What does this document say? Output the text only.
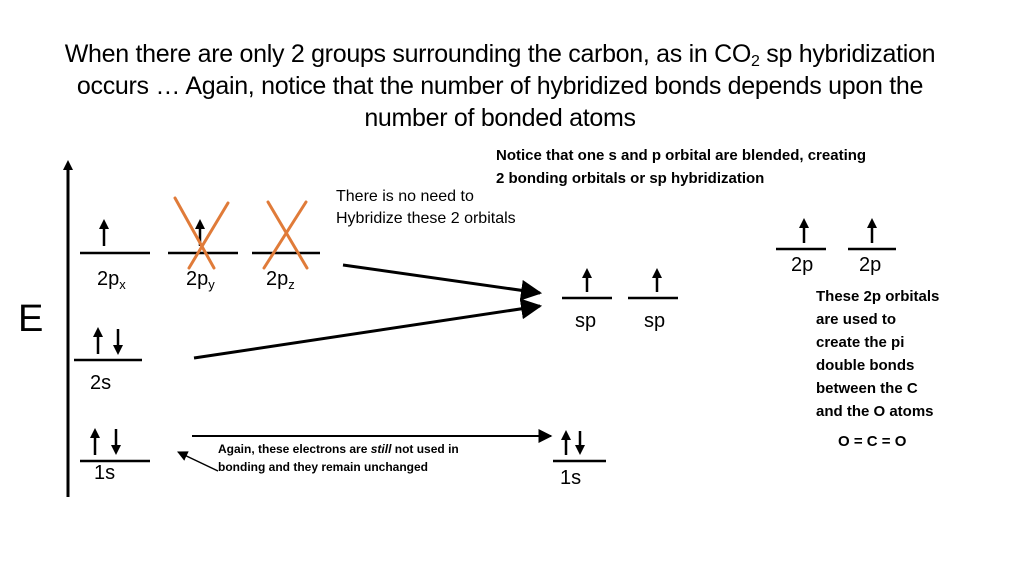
When there are only 2 groups surrounding the carbon, as in $CO_2$ sp hybridization occurs … Again, notice that the number of hybridized bonds depends upon the number of bonded atoms
E
Notice that one s and p orbital are blended, creating
2 bonding orbitals or sp hybridization
There is no need to
Hybridize these 2 orbitals
Again, these electrons are still not used in
bonding and they remain unchanged
These 2p orbitals
are used to
create the pi
double bonds
between the C
and the O atoms
O = C = O
$2p_x$	$2p_y$	$2p_z$
2s
1s
sp sp
1s
2p 2p
